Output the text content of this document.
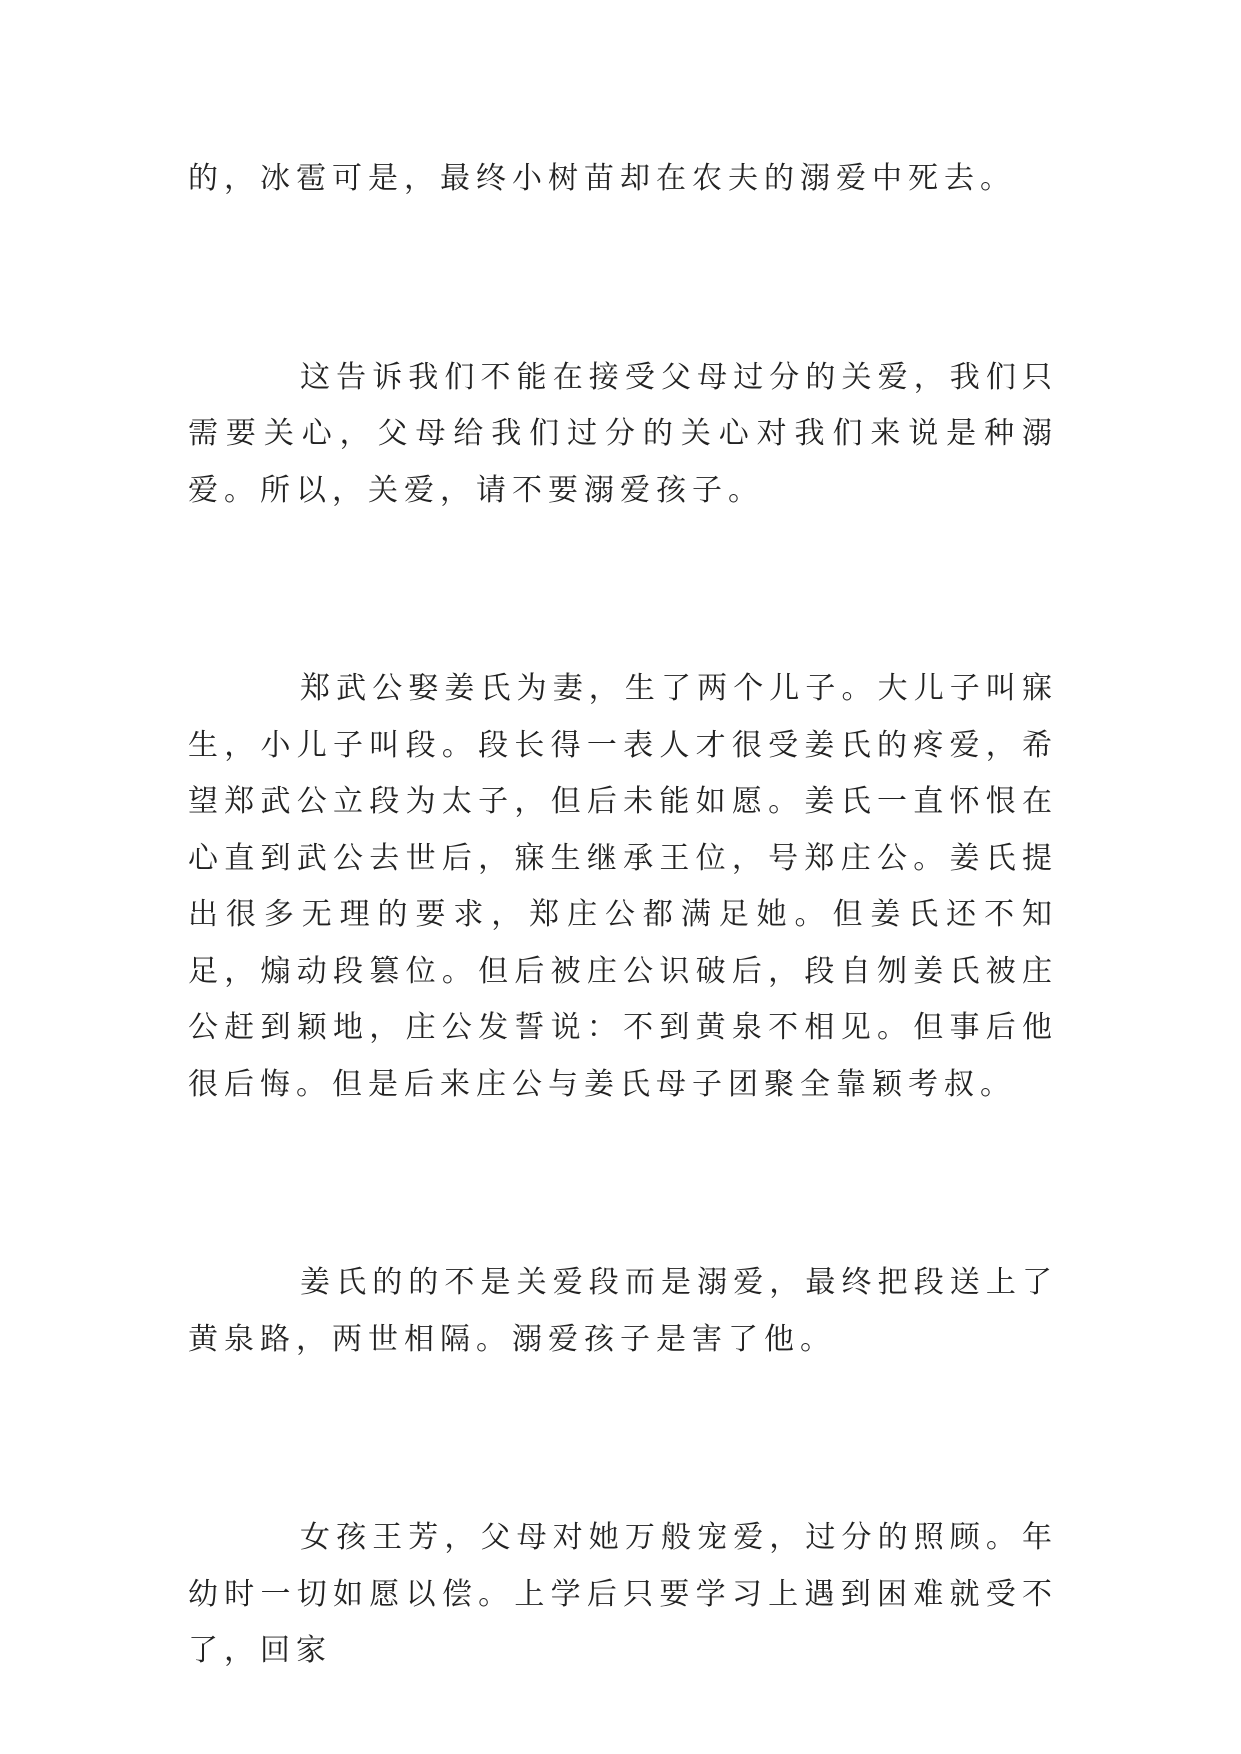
的，冰雹可是，最终小树苗却在农夫的溺爱中死去。

这告诉我们不能在接受父母过分的关爱，我们只需要关心，父母给我们过分的关心对我们来说是种溺爱。所以，关爱，请不要溺爱孩子。

郑武公娶姜氏为妻，生了两个儿子。大儿子叫寐生，小儿子叫段。段长得一表人才很受姜氏的疼爱，希望郑武公立段为太子，但后未能如愿。姜氏一直怀恨在心直到武公去世后，寐生继承王位，号郑庄公。姜氏提出很多无理的要求，郑庄公都满足她。但姜氏还不知足，煽动段篡位。但后被庄公识破后，段自刎姜氏被庄公赶到颖地，庄公发誓说：不到黄泉不相见。但事后他很后悔。但是后来庄公与姜氏母子团聚全靠颖考叔。

姜氏的的不是关爱段而是溺爱，最终把段送上了黄泉路，两世相隔。溺爱孩子是害了他。

女孩王芳，父母对她万般宠爱，过分的照顾。年幼时一切如愿以偿。上学后只要学习上遇到困难就受不了，回家
